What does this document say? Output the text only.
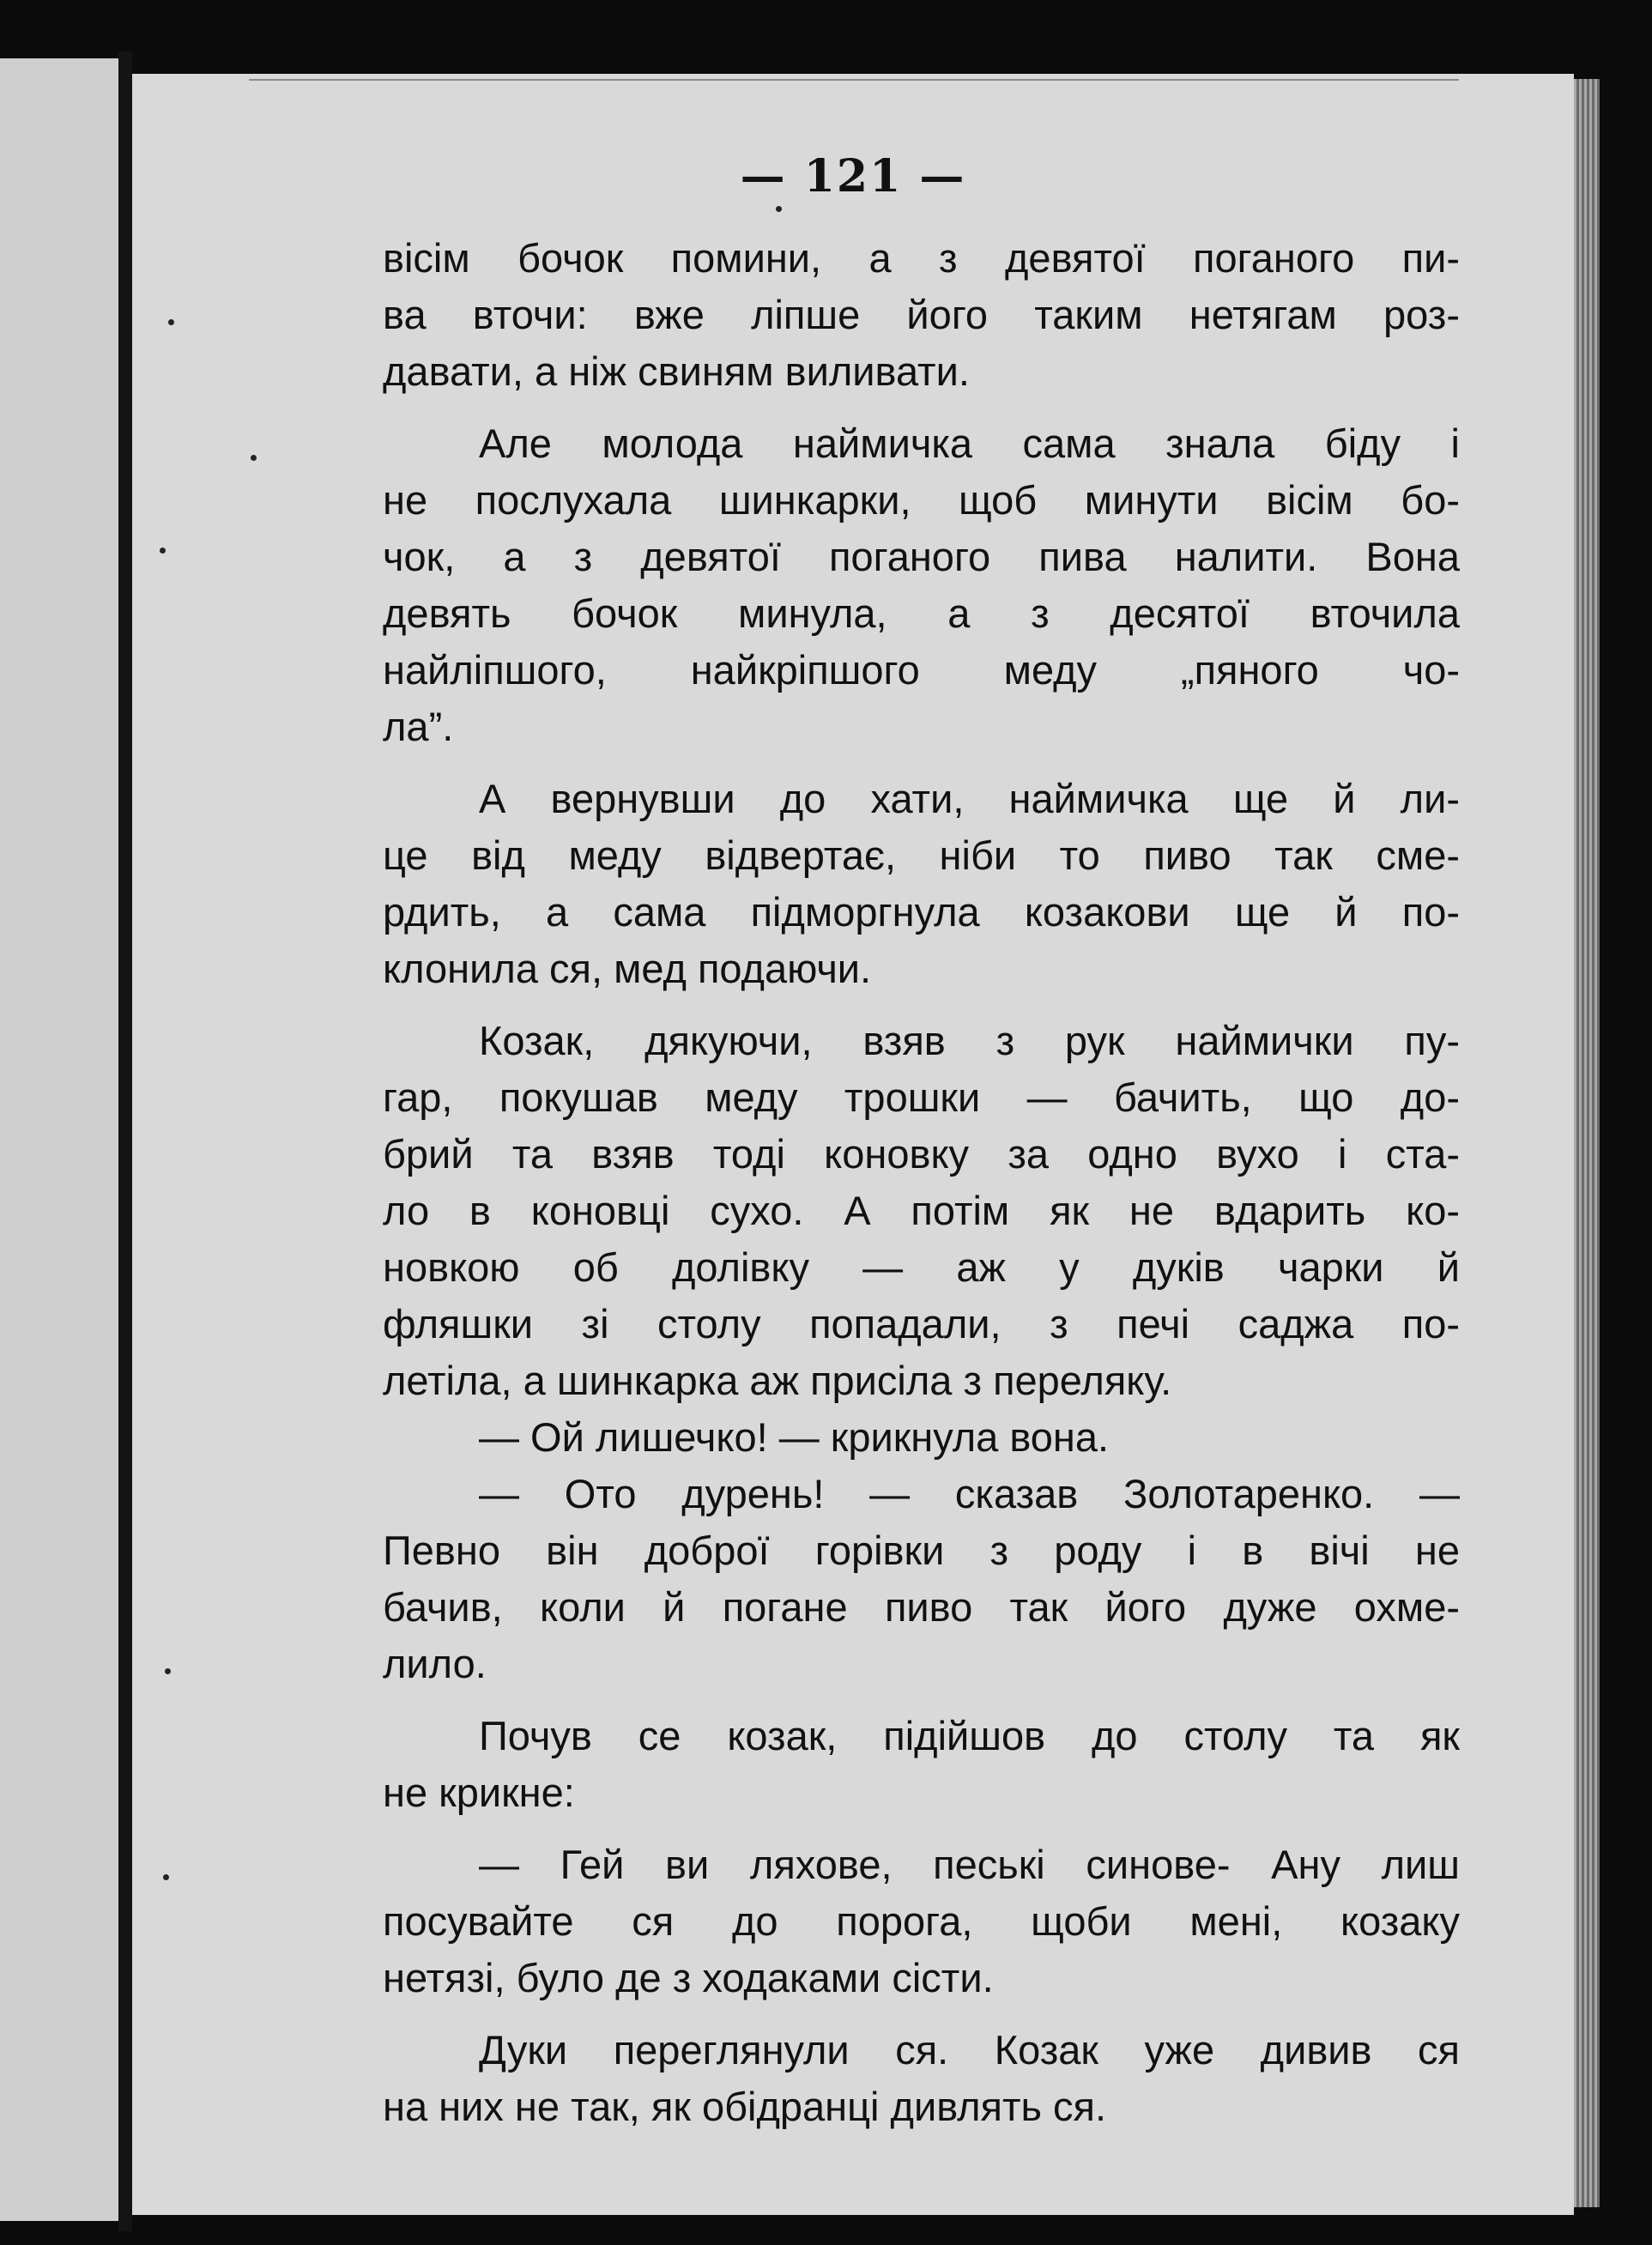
— 121 —
вісім бочок помини, а з девятої поганого пи-
ва вточи: вже ліпше його таким нетягам роз-
давати, а ніж свиням виливати.
Але молода наймичка сама знала біду і
не послухала шинкарки, щоб минути вісім бо-
чок, а з девятої поганого пива налити. Вона
девять бочок минула, а з десятої вточила
найліпшого, найкріпшого меду „пяного чо-
ла”.
А вернувши до хати, наймичка ще й ли-
це від меду відвертає, ніби то пиво так сме-
рдить, а сама підморгнула козакови ще й по-
клонила ся, мед подаючи.
Козак, дякуючи, взяв з рук наймички пу-
гар, покушав меду трошки — бачить, що до-
брий та взяв тоді коновку за одно вухо і ста-
ло в коновці сухо. А потім як не вдарить ко-
новкою об долівку — аж у дуків чарки й
фляшки зі столу попадали, з печі саджа по-
летіла, а шинкарка аж присіла з переляку.
— Ой лишечко! — крикнула вона.
— Ото дурень! — сказав Золотаренко. —
Певно він доброї горівки з роду і в вічі не
бачив, коли й погане пиво так його дуже охме-
лило.
Почув се козак, підійшов до столу та як
не крикне:
— Гей ви ляхове, пеські синове- Ану лиш
посувайте ся до порога, щоби мені, козаку
нетязі, було де з ходаками сісти.
Дуки переглянули ся. Козак уже дивив ся
на них не так, як обідранці дивлять ся.
